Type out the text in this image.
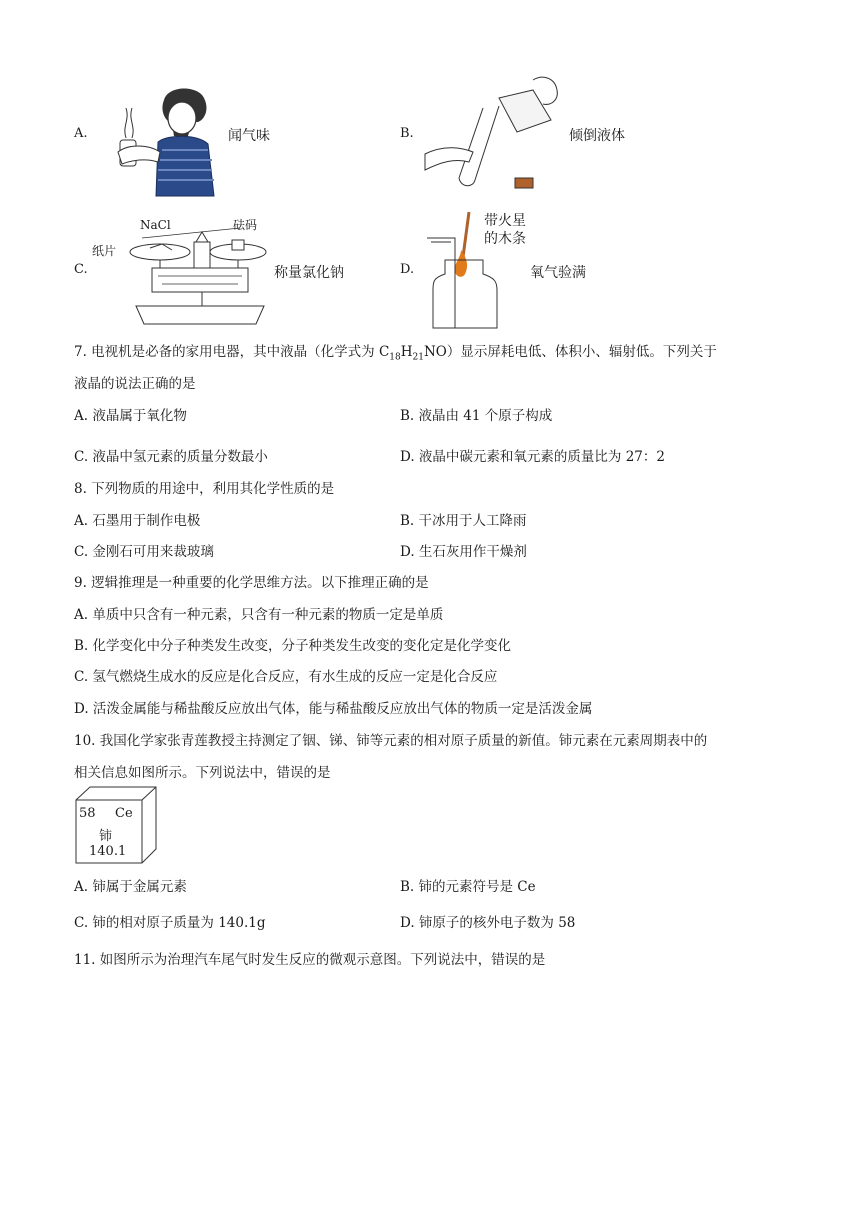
A.	闻气味	B.	倾倒液体
C.
NaCl	砝码
纸片
称量氯化钠	D.
带火星
的木条
氧气验满
7. 电视机是必备的家用电器，其中液晶（化学式为 $C_{18}H_{21}NO$）显示屏耗电低、体积小、辐射低。下列关于
液晶的说法正确的是
A. 液晶属于氧化物	B. 液晶由 41 个原子构成
C. 液晶中氢元素的质量分数最小	D. 液晶中碳元素和氧元素的质量比为 27：2
8. 下列物质的用途中，利用其化学性质的是
A. 石墨用于制作电极	B. 干冰用于人工降雨
C. 金刚石可用来裁玻璃	D. 生石灰用作干燥剂
9. 逻辑推理是一种重要的化学思维方法。以下推理正确的是
A. 单质中只含有一种元素，只含有一种元素的物质一定是单质
B. 化学变化中分子种类发生改变，分子种类发生改变的变化定是化学变化
C. 氢气燃烧生成水的反应是化合反应，有水生成的反应一定是化合反应
D. 活泼金属能与稀盐酸反应放出气体，能与稀盐酸反应放出气体的物质一定是活泼金属
10. 我国化学家张青莲教授主持测定了铟、锑、铈等元素的相对原子质量的新值。铈元素在元素周期表中的
相关信息如图所示。下列说法中，错误的是
58 Ce
铈
140.1
A. 铈属于金属元素	B. 铈的元素符号是 Ce
C. 铈的相对原子质量为 140.1g	D. 铈原子的核外电子数为 58
11. 如图所示为治理汽车尾气时发生反应的微观示意图。下列说法中，错误的是
